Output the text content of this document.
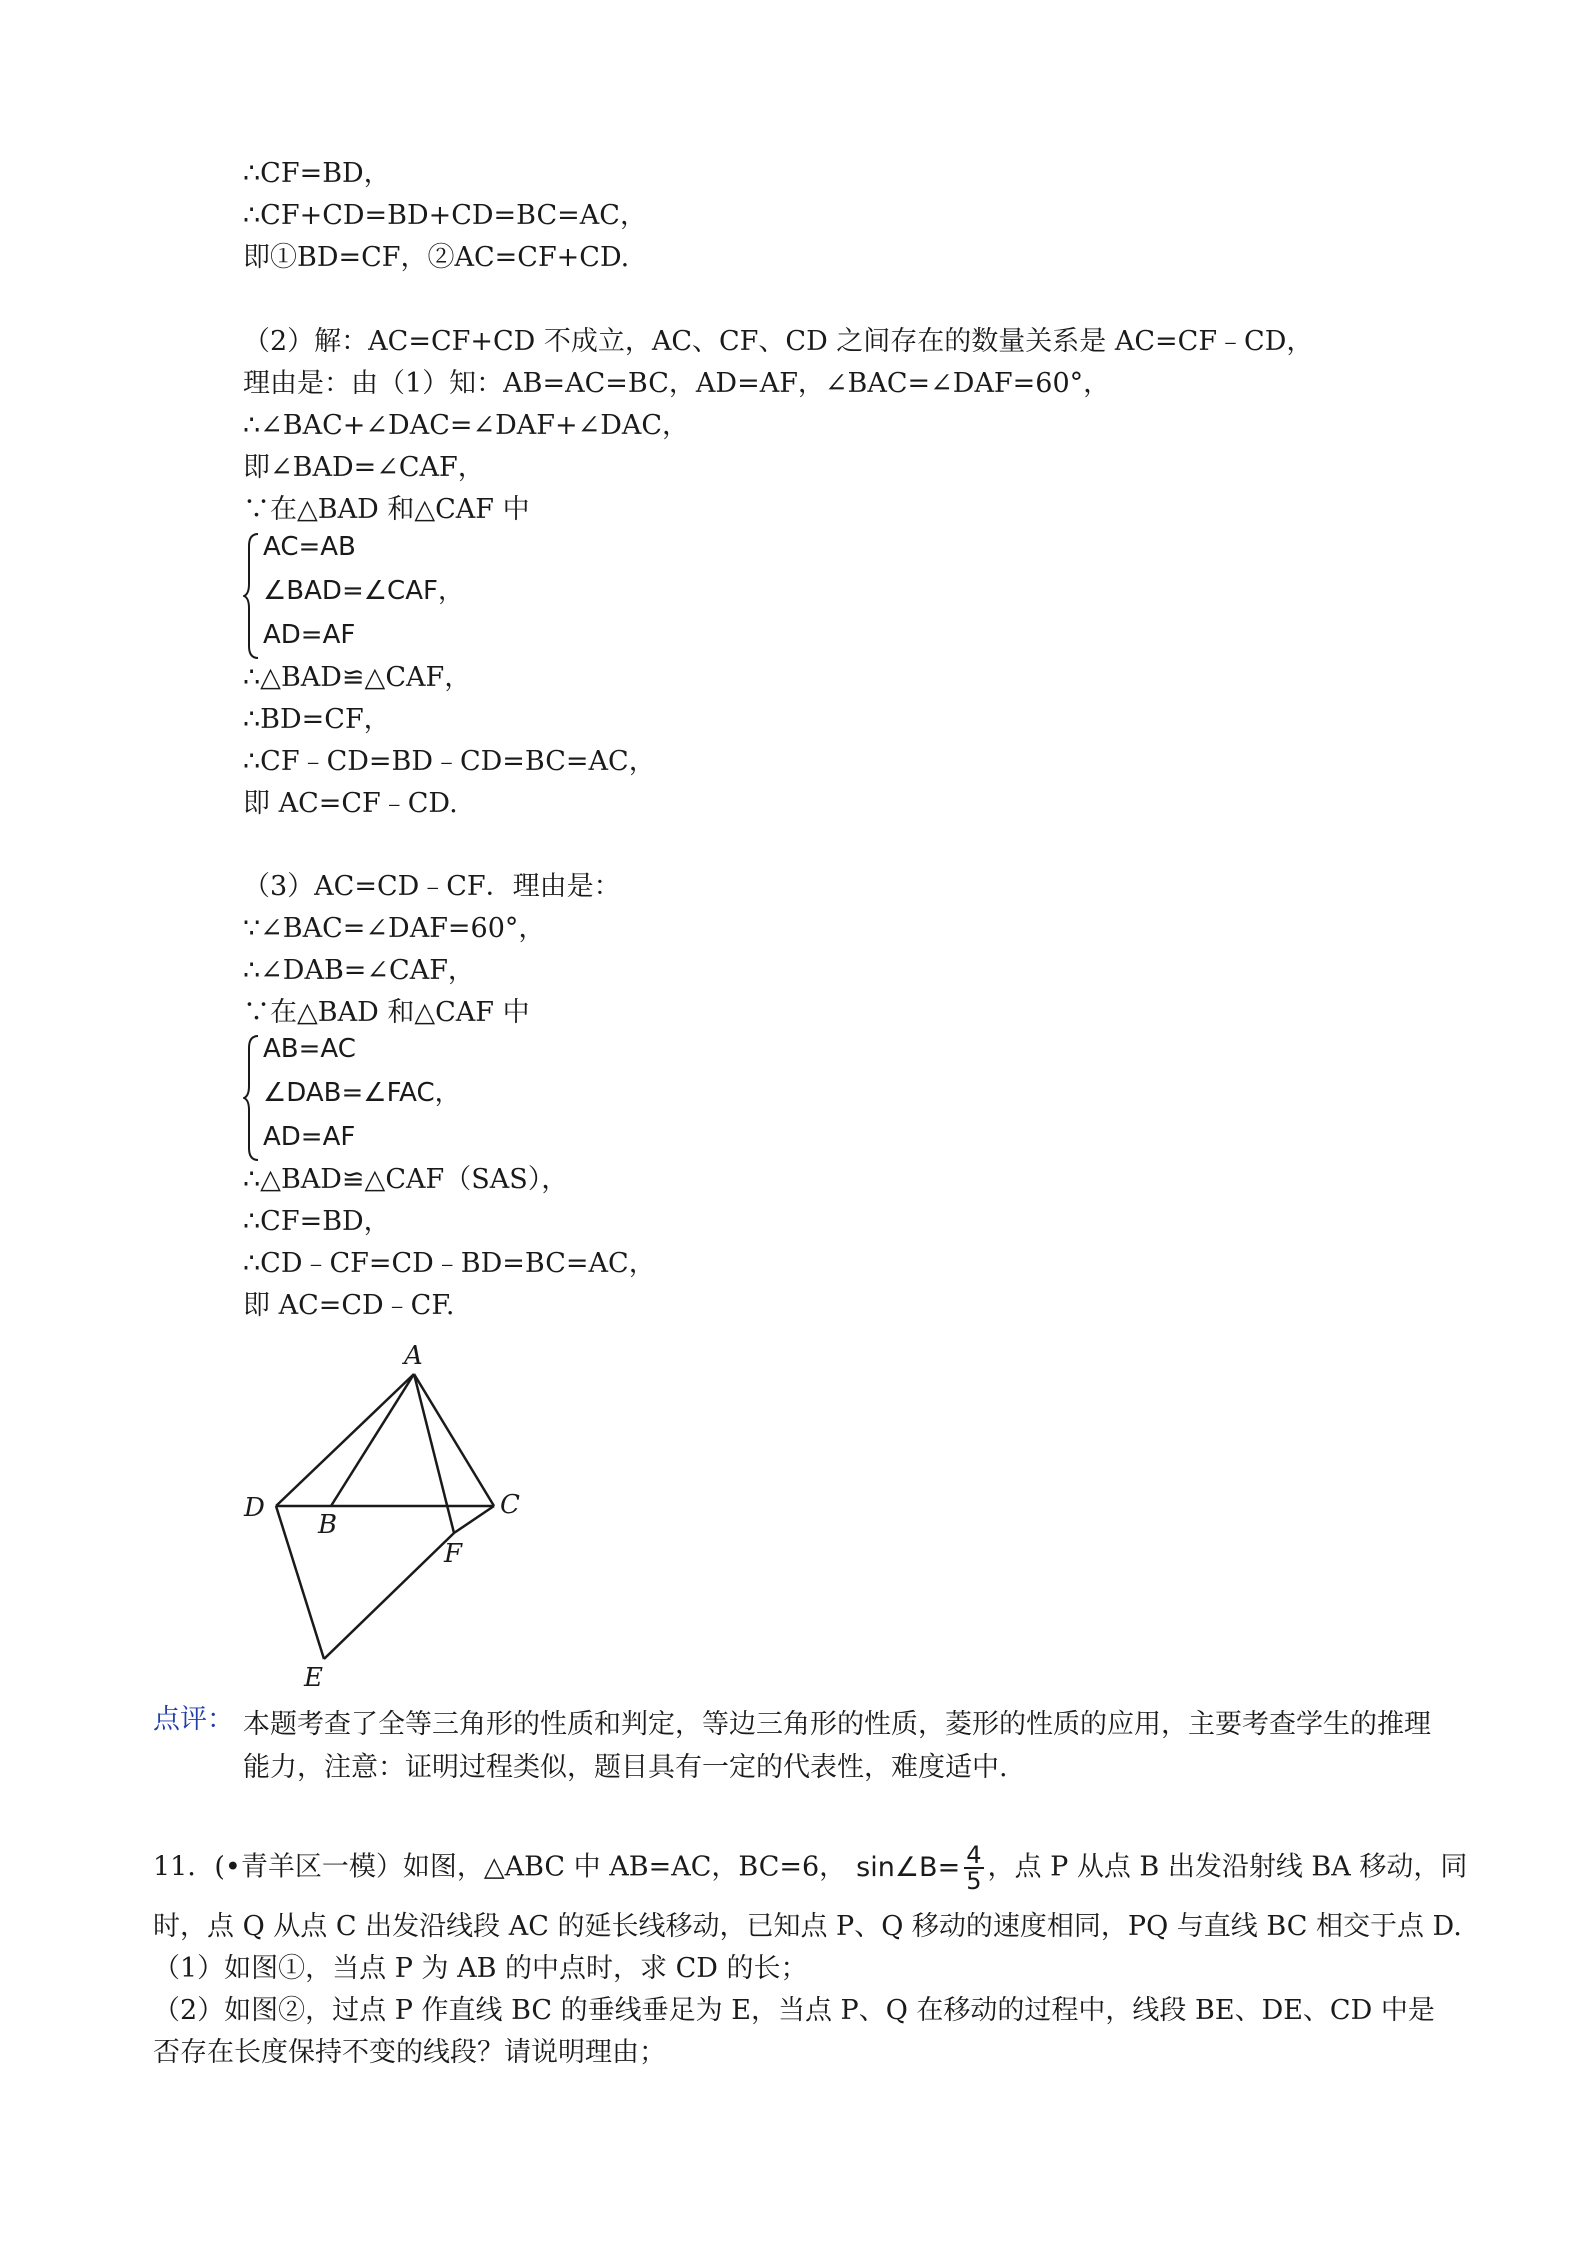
∴CF=BD，
∴CF+CD=BD+CD=BC=AC，
即①BD=CF，②AC=CF+CD.
（2）解：AC=CF+CD 不成立，AC、CF、CD 之间存在的数量关系是 AC=CF﹣CD，
理由是：由（1）知：AB=AC=BC，AD=AF，∠BAC=∠DAF=60°，
∴∠BAC+∠DAC=∠DAF+∠DAC，
即∠BAD=∠CAF，
∵在△BAD 和△CAF 中
AC=AB
∠BAD=∠CAF，
AD=AF
∴△BAD≌△CAF，
∴BD=CF，
∴CF﹣CD=BD﹣CD=BC=AC，
即 AC=CF﹣CD.
（3）AC=CD﹣CF．理由是：
∵∠BAC=∠DAF=60°，
∴∠DAB=∠CAF，
∵在△BAD 和△CAF 中
AB=AC
∠DAB=∠FAC，
AD=AF
∴△BAD≌△CAF（SAS），
∴CF=BD，
∴CD﹣CF=CD﹣BD=BC=AC，
即 AC=CD﹣CF.
A
D
B
C
F
E
点评： 本题考查了全等三角形的性质和判定，等边三角形的性质，菱形的性质的应用，主要考查学生的推理能力，注意：证明过程类似，题目具有一定的代表性，难度适中.
11．(•青羊区一模）如图，△ABC 中 AB=AC，BC=6， sin∠B= $\frac{4}{5}$ ，点 P 从点 B 出发沿射线 BA 移动，同
时，点 Q 从点 C 出发沿线段 AC 的延长线移动，已知点 P、Q 移动的速度相同，PQ 与直线 BC 相交于点 D.
（1）如图①，当点 P 为 AB 的中点时，求 CD 的长；
（2）如图②，过点 P 作直线 BC 的垂线垂足为 E，当点 P、Q 在移动的过程中，线段 BE、DE、CD 中是
否存在长度保持不变的线段？请说明理由；
